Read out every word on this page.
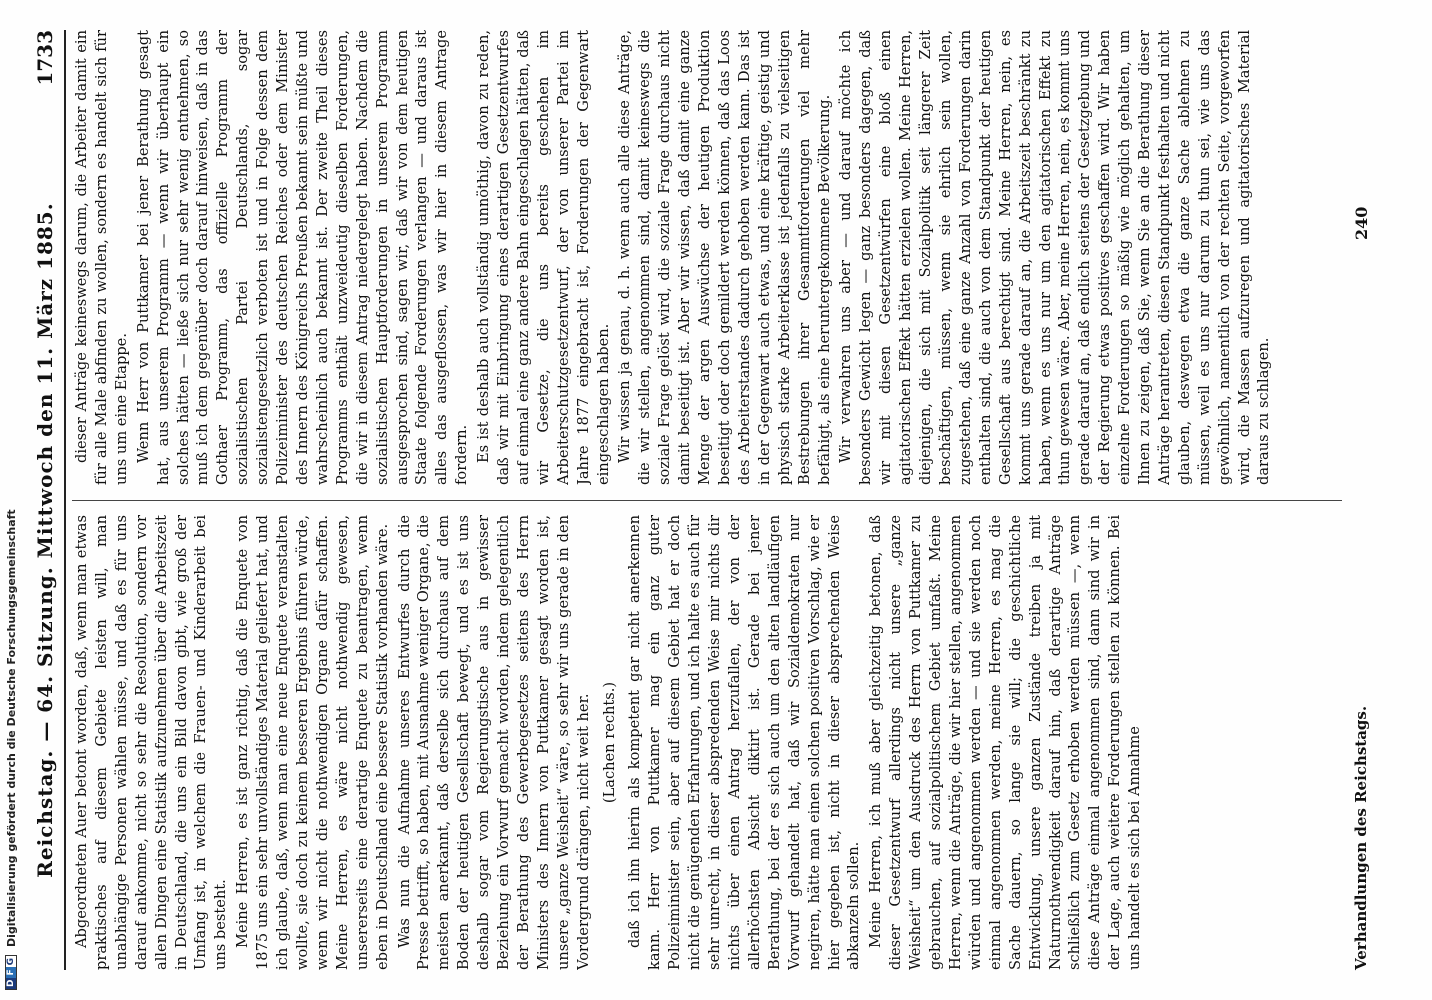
Reichstag. — 64. Sitzung. Mittwoch den 11. März 1885.
1733

Abgeordneten Auer betont worden, daß, wenn man etwas praktisches auf diesem Gebiete leisten will, man unabhängige Personen wählen müsse, und daß es für uns darauf ankomme, nicht so sehr die Resolution, sondern vor allen Dingen eine Statistik aufzunehmen über die Arbeitszeit in Deutschland, die uns ein Bild davon gibt, wie groß der Umfang ist, in welchem die Frauen- und Kinderarbeit bei uns besteht. Meine Herren, es ist ganz richtig, daß die Enquete von 1875 uns ein sehr unvollständiges Material geliefert hat, und ich glaube, daß, wenn man eine neue Enquete veranstalten wollte, sie doch zu keinem besseren Ergebnis führen würde, wenn wir nicht die nothwendigen Organe dafür schaffen. Meine Herren, es wäre nicht nothwendig gewesen, unsererseits eine derartige Enquete zu beantragen, wenn eben in Deutschland eine bessere Statistik vorhanden wäre. Was nun die Aufnahme unseres Entwurfes durch die Presse betrifft, so haben, mit Ausnahme weniger Organe, die meisten anerkannt, daß derselbe sich durchaus auf dem Boden der heutigen Gesellschaft bewegt, und es ist uns deshalb sogar vom Regierungstische aus in gewisser Beziehung ein Vorwurf gemacht worden, indem gelegentlich der Berathung des Gewerbegesetzes seitens des Herrn Ministers des Innern von Puttkamer gesagt worden ist, unsere „ganze Weisheit“ wäre, so sehr wir uns gerade in den Vordergrund drängen, nicht weit her. (Lachen rechts.) daß ich ihn hierin als kompetent gar nicht anerkennen kann. Herr von Puttkamer mag ein ganz guter Polizeiminister sein, aber auf diesem Gebiet hat er doch nicht die genügenden Erfahrungen, und ich halte es auch für sehr unrecht, in dieser abspredenden Weise mir nichts dir nichts über einen Antrag herzufallen, der von der allerhöchsten Absicht diktirt ist. Gerade bei jener Berathung, bei der es sich auch um den alten landläufigen Vorwurf gehandelt hat, daß wir Sozialdemokraten nur negiren, hätte man einen solchen positiven Vorschlag, wie er hier gegeben ist, nicht in dieser absprechenden Weise abkanzeln sollen. Meine Herren, ich muß aber gleichzeitig betonen, daß dieser Gesetzentwurf allerdings nicht unsere „ganze Weisheit“ um den Ausdruck des Herrn von Puttkamer zu gebrauchen, auf sozialpolitischem Gebiet umfaßt. Meine Herren, wenn die Anträge, die wir hier stellen, angenommen würden und angenommen werden — und sie werden noch einmal angenommen werden, meine Herren, es mag die Sache dauern, so lange sie will; die geschichtliche Entwicklung, unsere ganzen Zustände treiben ja mit Naturnothwendigkeit darauf hin, daß derartige Anträge schließlich zum Gesetz erhoben werden müssen —, wenn diese Anträge einmal angenommen sind, dann sind wir in der Lage, auch weitere Forderungen stellen zu können. Bei uns handelt es sich bei Annahme

dieser Anträge keineswegs darum, die Arbeiter damit ein für alle Male abfinden zu wollen, sondern es handelt sich für uns um eine Etappe. Wenn Herr von Puttkamer bei jener Berathung gesagt hat, aus unserem Programm — wenn wir überhaupt ein solches hätten — ließe sich nur sehr wenig entnehmen, so muß ich dem gegenüber doch darauf hinweisen, daß in das Gothaer Programm, das offizielle Programm der sozialistischen Partei Deutschlands, sogar sozialistengesetzlich verboten ist und in Folge dessen dem Polizeiminister des deutschen Reiches oder dem Minister des Innern des Königreichs Preußen bekannt sein müßte und wahrscheinlich auch bekannt ist. Der zweite Theil dieses Programms enthält unzweideutig dieselben Forderungen, die wir in diesem Antrag niedergelegt haben. Nachdem die sozialistischen Hauptforderungen in unserem Programm ausgesprochen sind, sagen wir, daß wir von dem heutigen Staate folgende Forderungen verlangen — und daraus ist alles das ausgeflossen, was wir hier in diesem Antrage fordern. Es ist deshalb auch vollständig unnöthig, davon zu reden, daß wir mit Einbringung eines derartigen Gesetzentwurfes auf einmal eine ganz andere Bahn eingeschlagen hätten, daß wir Gesetze, die uns bereits geschehen im Arbeiterschutzgesetzentwurf, der von unserer Partei im Jahre 1877 eingebracht ist, Forderungen der Gegenwart eingeschlagen haben. Wir wissen ja genau, d. h. wenn auch alle diese Anträge, die wir stellen, angenommen sind, damit keineswegs die soziale Frage gelöst wird, die soziale Frage durchaus nicht damit beseitigt ist. Aber wir wissen, daß damit eine ganze Menge der argen Auswüchse der heutigen Produktion beseitigt oder doch gemildert werden können, daß das Loos des Arbeiterstandes dadurch gehoben werden kann. Das ist in der Gegenwart auch etwas, und eine kräftige, geistig und physisch starke Arbeiterklasse ist jedenfalls zu vielseitigen Bestrebungen ihrer Gesammtforderungen viel mehr befähigt, als eine heruntergekommene Bevölkerung. Wir verwahren uns aber — und darauf möchte ich besonders Gewicht legen — ganz besonders dagegen, daß wir mit diesen Gesetzentwürfen eine bloß einen agitatorischen Effekt hätten erzielen wollen. Meine Herren, diejenigen, die sich mit Sozialpolitik seit längerer Zeit beschäftigen, müssen, wenn sie ehrlich sein wollen, zugestehen, daß eine ganze Anzahl von Forderungen darin enthalten sind, die auch von dem Standpunkt der heutigen Gesellschaft aus berechtigt sind. Meine Herren, nein, es kommt uns gerade darauf an, die Arbeitszeit beschränkt zu haben, wenn es uns nur um den agitatorischen Effekt zu thun gewesen wäre. Aber, meine Herren, nein, es kommt uns gerade darauf an, daß endlich seitens der Gesetzgebung und der Regierung etwas positives geschaffen wird. Wir haben einzelne Forderungen so mäßig wie möglich gehalten, um Ihnen zu zeigen, daß Sie, wenn Sie an die Berathung dieser Anträge herantreten, diesen Standpunkt festhalten und nicht glauben, deswegen etwa die ganze Sache ablehnen zu müssen, weil es uns nur darum zu thun sei, wie uns das gewöhnlich, namentlich von der rechten Seite, vorgeworfen wird, die Massen aufzuregen und agitatorisches Material daraus zu schlagen.

Verhandlungen des Reichstags.
240
D
F
G
Digitalisierung gefördert durch die Deutsche Forschungsgemeinschaft
